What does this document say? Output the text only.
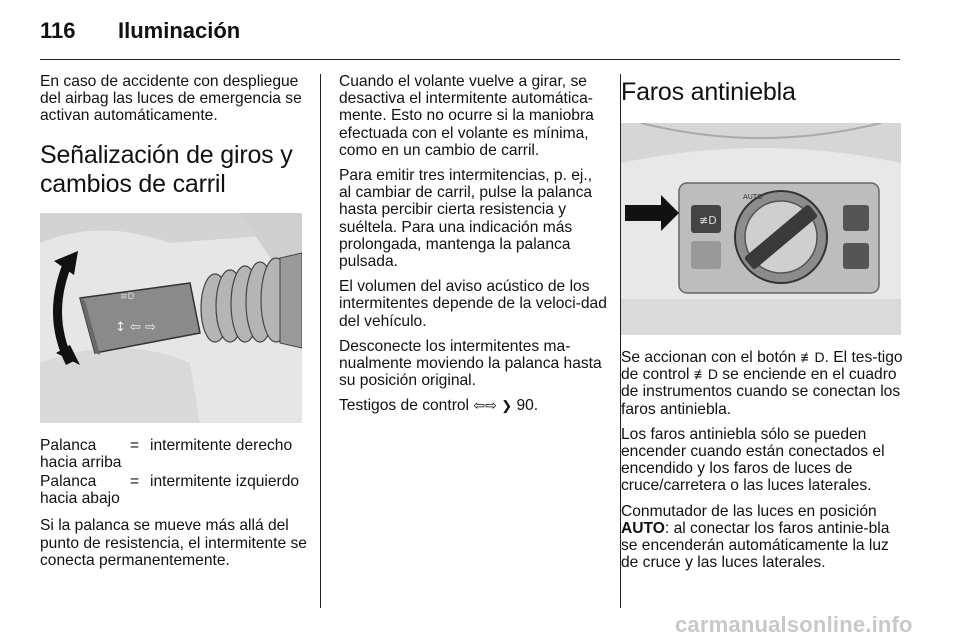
116	Iluminación

En caso de accidente con despliegue del airbag las luces de emergencia se activan automáticamente.

Señalización de giros y cambios de carril
↕ ⇦ ⇨
≡D
Palanca hacia arriba
= intermitente derecho
Palanca hacia abajo
= intermitente izquierdo

Si la palanca se mueve más allá del punto de resistencia, el intermitente se conecta permanentemente.

Cuando el volante vuelve a girar, se desactiva el intermitente automática-mente. Esto no ocurre si la maniobra efectuada con el volante es mínima, como en un cambio de carril.

Para emitir tres intermitencias, p. ej., al cambiar de carril, pulse la palanca hasta percibir cierta resistencia y suéltela. Para una indicación más prolongada, mantenga la palanca pulsada.

El volumen del aviso acústico de los intermitentes depende de la veloci-dad del vehículo.

Desconecte los intermitentes ma-nualmente moviendo la palanca hasta su posición original.

Testigos de control ⇦⇨ ❯ 90.

Faros antiniebla
≢D
AUTO

Se accionan con el botón ≢D. El tes-tigo de control ≢D se enciende en el cuadro de instrumentos cuando se conectan los faros antiniebla.

Los faros antiniebla sólo se pueden encender cuando están conectados el encendido y los faros de luces de cruce/carretera o las luces laterales.

Conmutador de las luces en posición AUTO: al conectar los faros antinie-bla se encenderán automáticamente la luz de cruce y las luces laterales.

carmanualsonline.info
